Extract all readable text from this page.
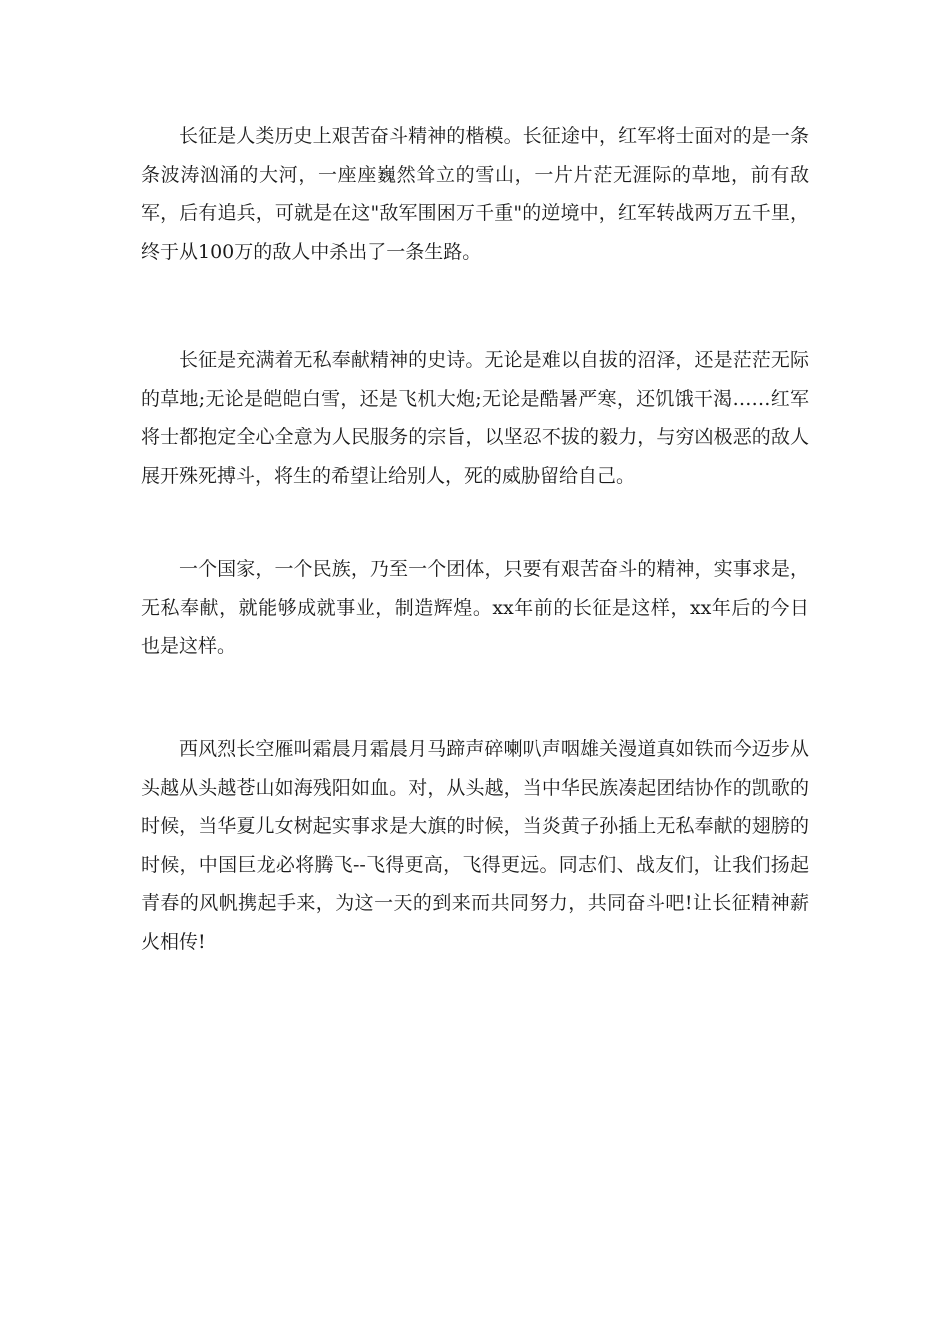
长征是人类历史上艰苦奋斗精神的楷模。长征途中，红军将士面对的是一条条波涛汹涌的大河，一座座巍然耸立的雪山，一片片茫无涯际的草地，前有敌军，后有追兵，可就是在这"敌军围困万千重"的逆境中，红军转战两万五千里，终于从100万的敌人中杀出了一条生路。

长征是充满着无私奉献精神的史诗。无论是难以自拔的沼泽，还是茫茫无际的草地;无论是皑皑白雪，还是飞机大炮;无论是酷暑严寒，还饥饿干渴……红军将士都抱定全心全意为人民服务的宗旨，以坚忍不拔的毅力，与穷凶极恶的敌人展开殊死搏斗，将生的希望让给别人，死的威胁留给自己。

一个国家，一个民族，乃至一个团体，只要有艰苦奋斗的精神，实事求是，无私奉献，就能够成就事业，制造辉煌。xx年前的长征是这样，xx年后的今日也是这样。

西风烈长空雁叫霜晨月霜晨月马蹄声碎喇叭声咽雄关漫道真如铁而今迈步从头越从头越苍山如海残阳如血。对，从头越，当中华民族凑起团结协作的凯歌的时候，当华夏儿女树起实事求是大旗的时候，当炎黄子孙插上无私奉献的翅膀的时候，中国巨龙必将腾飞--飞得更高，飞得更远。同志们、战友们，让我们扬起青春的风帆携起手来，为这一天的到来而共同努力，共同奋斗吧!让长征精神薪火相传!
